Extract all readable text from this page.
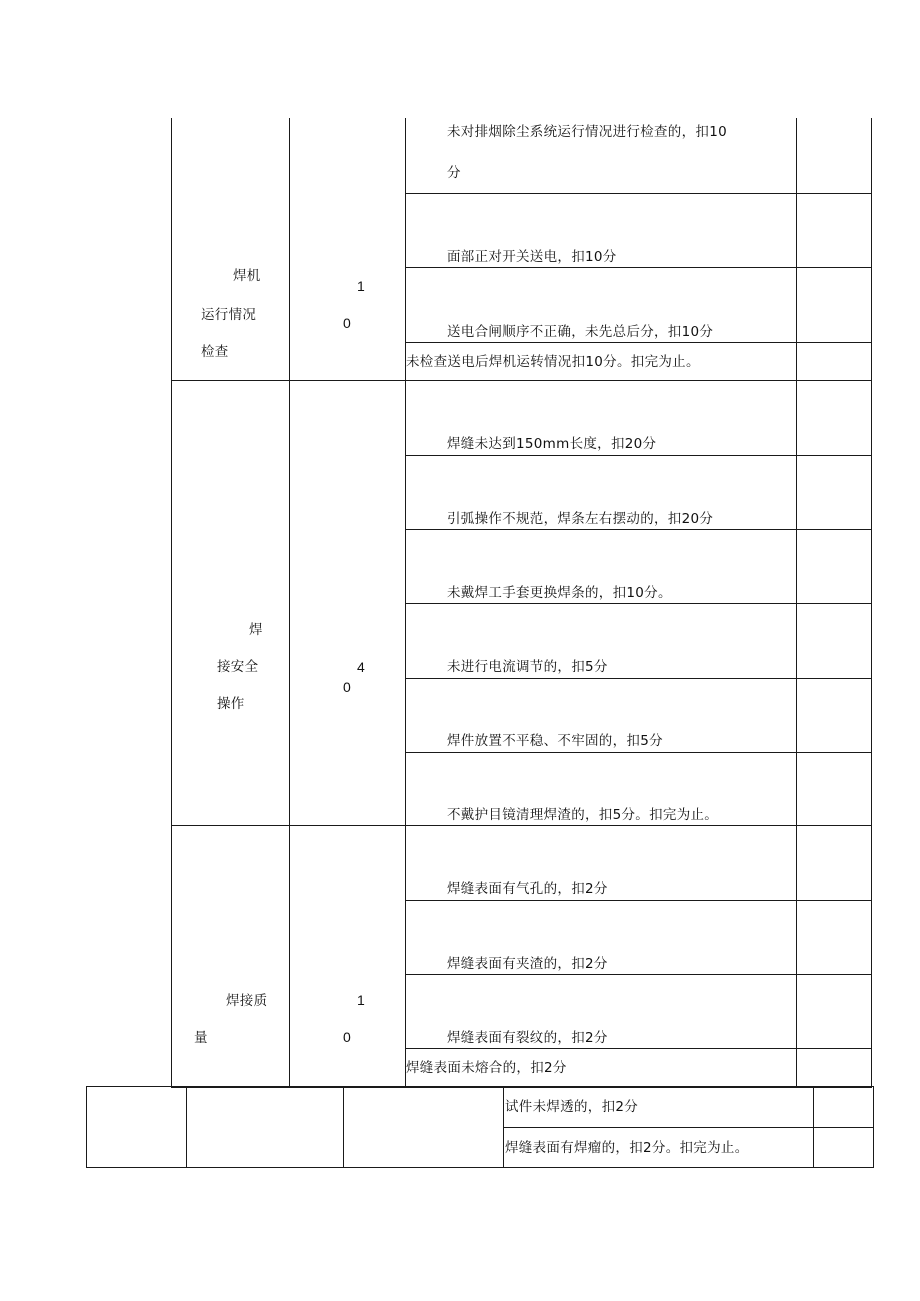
焊机
运行情况
检查
1
0
未对排烟除尘系统运行情况进行检查的，扣10
分
面部正对开关送电，扣10分
送电合闸顺序不正确，未先总后分，扣10分
未检查送电后焊机运转情况扣10分。扣完为止。
焊
接安全
操作
4
0
焊缝未达到150mm长度，扣20分
引弧操作不规范，焊条左右摆动的，扣20分
未戴焊工手套更换焊条的，扣10分。
未进行电流调节的，扣5分
焊件放置不平稳、不牢固的，扣5分
不戴护目镜清理焊渣的，扣5分。扣完为止。
焊接质
量
1
0
焊缝表面有气孔的，扣2分
焊缝表面有夹渣的，扣2分
焊缝表面有裂纹的，扣2分
焊缝表面未熔合的，扣2分
试件未焊透的，扣2分
焊缝表面有焊瘤的，扣2分。扣完为止。
